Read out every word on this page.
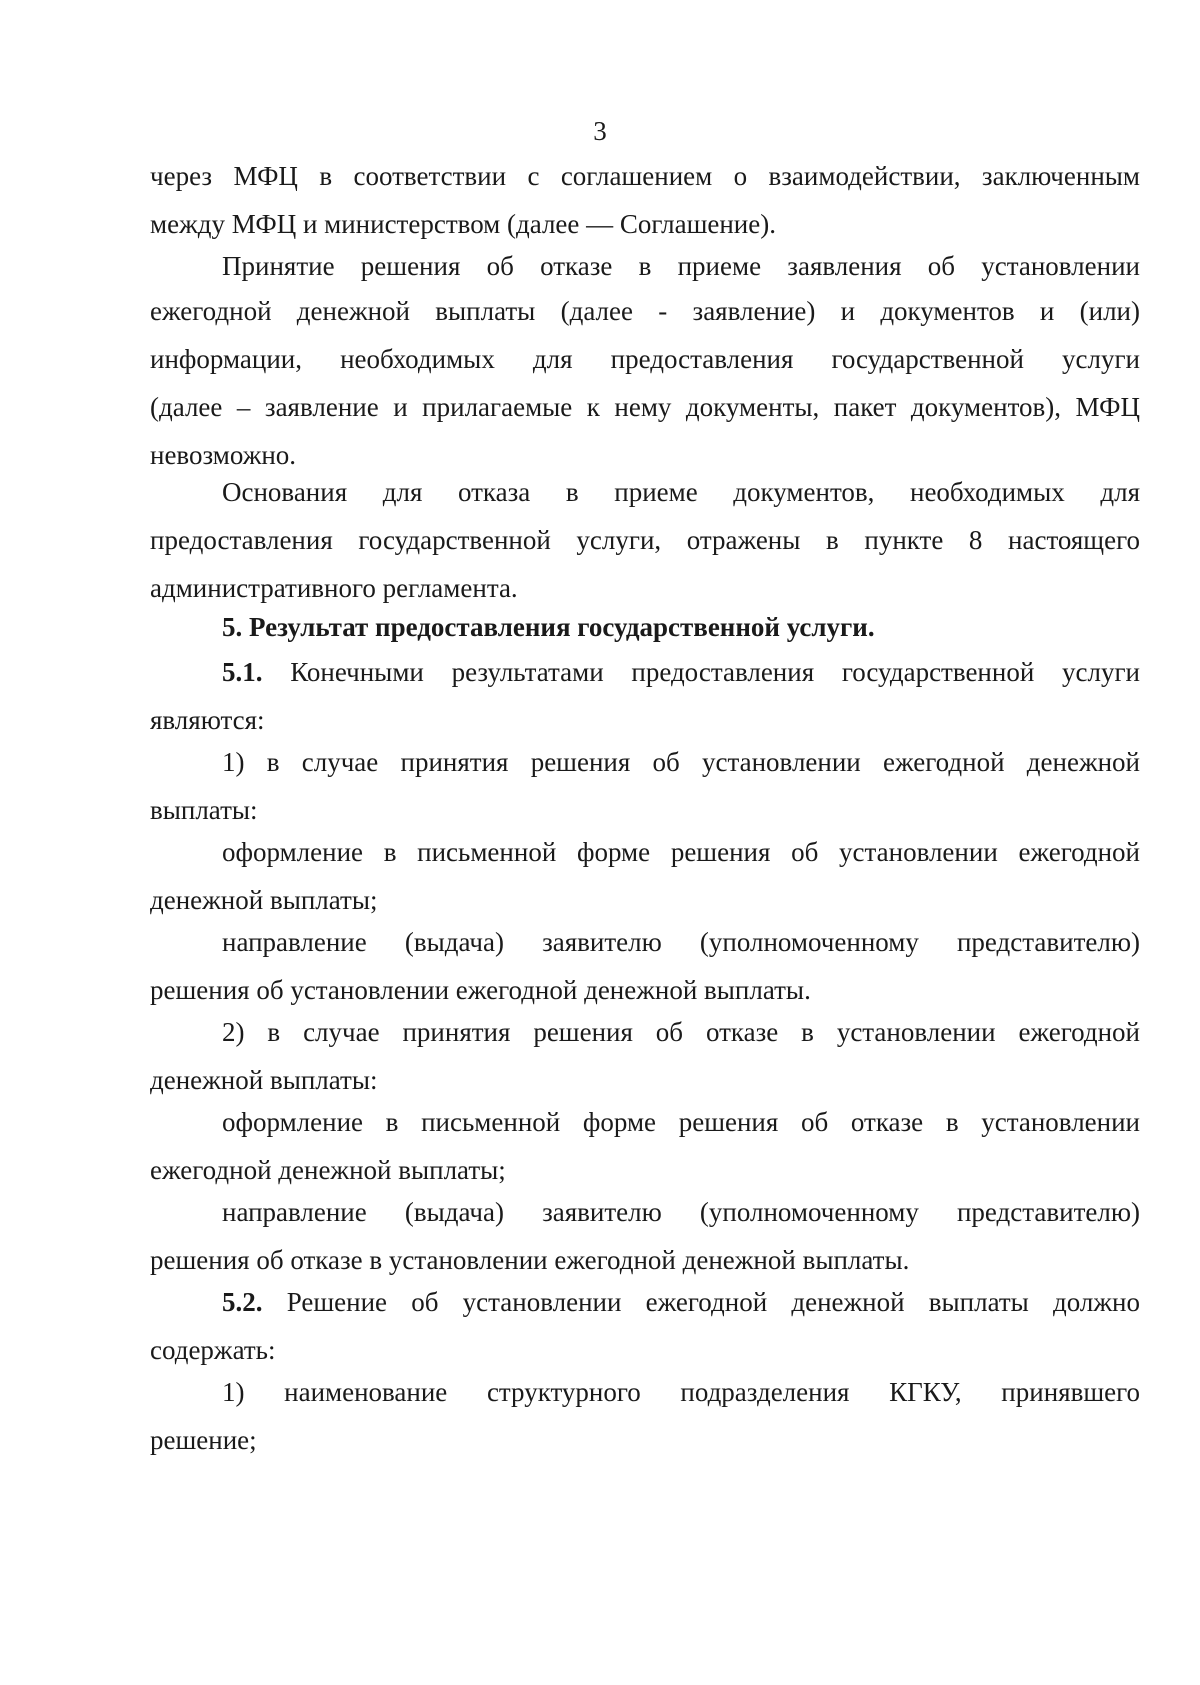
3
через МФЦ в соответствии с соглашением о взаимодействии, заключенным
между МФЦ и министерством (далее — Соглашение).
Принятие решения об отказе в приеме заявления об установлении
ежегодной денежной выплаты (далее - заявление) и документов и (или)
информации, необходимых для предоставления государственной услуги
(далее – заявление и прилагаемые к нему документы, пакет документов), МФЦ
невозможно.
Основания для отказа в приеме документов, необходимых для
предоставления государственной услуги, отражены в пункте 8 настоящего
административного регламента.
5. Результат предоставления государственной услуги.
5.1. Конечными результатами предоставления государственной услуги
являются:
1) в случае принятия решения об установлении ежегодной денежной
выплаты:
оформление в письменной форме решения об установлении ежегодной
денежной выплаты;
направление (выдача) заявителю (уполномоченному представителю)
решения об установлении ежегодной денежной выплаты.
2) в случае принятия решения об отказе в установлении ежегодной
денежной выплаты:
оформление в письменной форме решения об отказе в установлении
ежегодной денежной выплаты;
направление (выдача) заявителю (уполномоченному представителю)
решения об отказе в установлении ежегодной денежной выплаты.
5.2. Решение об установлении ежегодной денежной выплаты должно
содержать:
1) наименование структурного подразделения КГКУ, принявшего
решение;
